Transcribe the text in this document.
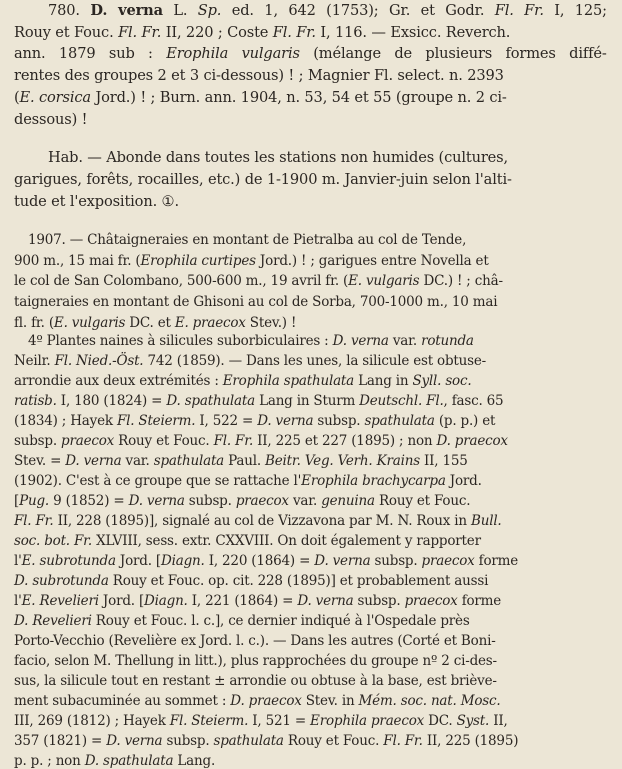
780. D. verna L. Sp. ed. 1, 642 (1753); Gr. et Godr. Fl. Fr. I, 125;
Rouy et Fouc. Fl. Fr. II, 220 ; Coste Fl. Fr. I, 116. — Exsicc. Reverch.
ann. 1879 sub : Erophila vulgaris (mélange de plusieurs formes diffé-
rentes des groupes 2 et 3 ci-dessous) ! ; Magnier Fl. select. n. 2393
(E. corsica Jord.) ! ; Burn. ann. 1904, n. 53, 54 et 55 (groupe n. 2 ci-
dessous) !
Hab. — Abonde dans toutes les stations non humides (cultures,
garigues, forêts, rocailles, etc.) de 1-1900 m. Janvier-juin selon l'alti-
tude et l'exposition. ①.
1907. — Châtaigneraies en montant de Pietralba au col de Tende,
900 m., 15 mai fr. (Erophila curtipes Jord.) ! ; garigues entre Novella et
le col de San Colombano, 500-600 m., 19 avril fr. (E. vulgaris DC.) ! ; châ-
taigneraies en montant de Ghisoni au col de Sorba, 700-1000 m., 10 mai
fl. fr. (E. vulgaris DC. et E. praecox Stev.) !
4º Plantes naines à silicules suborbiculaires : D. verna var. rotunda
Neilr. Fl. Nied.-Öst. 742 (1859). — Dans les unes, la silicule est obtuse-
arrondie aux deux extrémités : Erophila spathulata Lang in Syll. soc.
ratisb. I, 180 (1824) = D. spathulata Lang in Sturm Deutschl. Fl., fasc. 65
(1834) ; Hayek Fl. Steierm. I, 522 = D. verna subsp. spathulata (p. p.) et
subsp. praecox Rouy et Fouc. Fl. Fr. II, 225 et 227 (1895) ; non D. praecox
Stev. = D. verna var. spathulata Paul. Beitr. Veg. Verh. Krains II, 155
(1902). C'est à ce groupe que se rattache l'Erophila brachycarpa Jord.
[Pug. 9 (1852) = D. verna subsp. praecox var. genuina Rouy et Fouc.
Fl. Fr. II, 228 (1895)], signalé au col de Vizzavona par M. N. Roux in Bull.
soc. bot. Fr. XLVIII, sess. extr. CXXVIII. On doit également y rapporter
l'E. subrotunda Jord. [Diagn. I, 220 (1864) = D. verna subsp. praecox forme
D. subrotunda Rouy et Fouc. op. cit. 228 (1895)] et probablement aussi
l'E. Revelieri Jord. [Diagn. I, 221 (1864) = D. verna subsp. praecox forme
D. Revelieri Rouy et Fouc. l. c.], ce dernier indiqué à l'Ospedale près
Porto-Vecchio (Revelière ex Jord. l. c.). — Dans les autres (Corté et Boni-
facio, selon M. Thellung in litt.), plus rapprochées du groupe nº 2 ci-des-
sus, la silicule tout en restant ± arrondie ou obtuse à la base, est briève-
ment subacuminée au sommet : D. praecox Stev. in Mém. soc. nat. Mosc.
III, 269 (1812) ; Hayek Fl. Steierm. I, 521 = Erophila praecox DC. Syst. II,
357 (1821) = D. verna subsp. spathulata Rouy et Fouc. Fl. Fr. II, 225 (1895)
p. p. ; non D. spathulata Lang.
